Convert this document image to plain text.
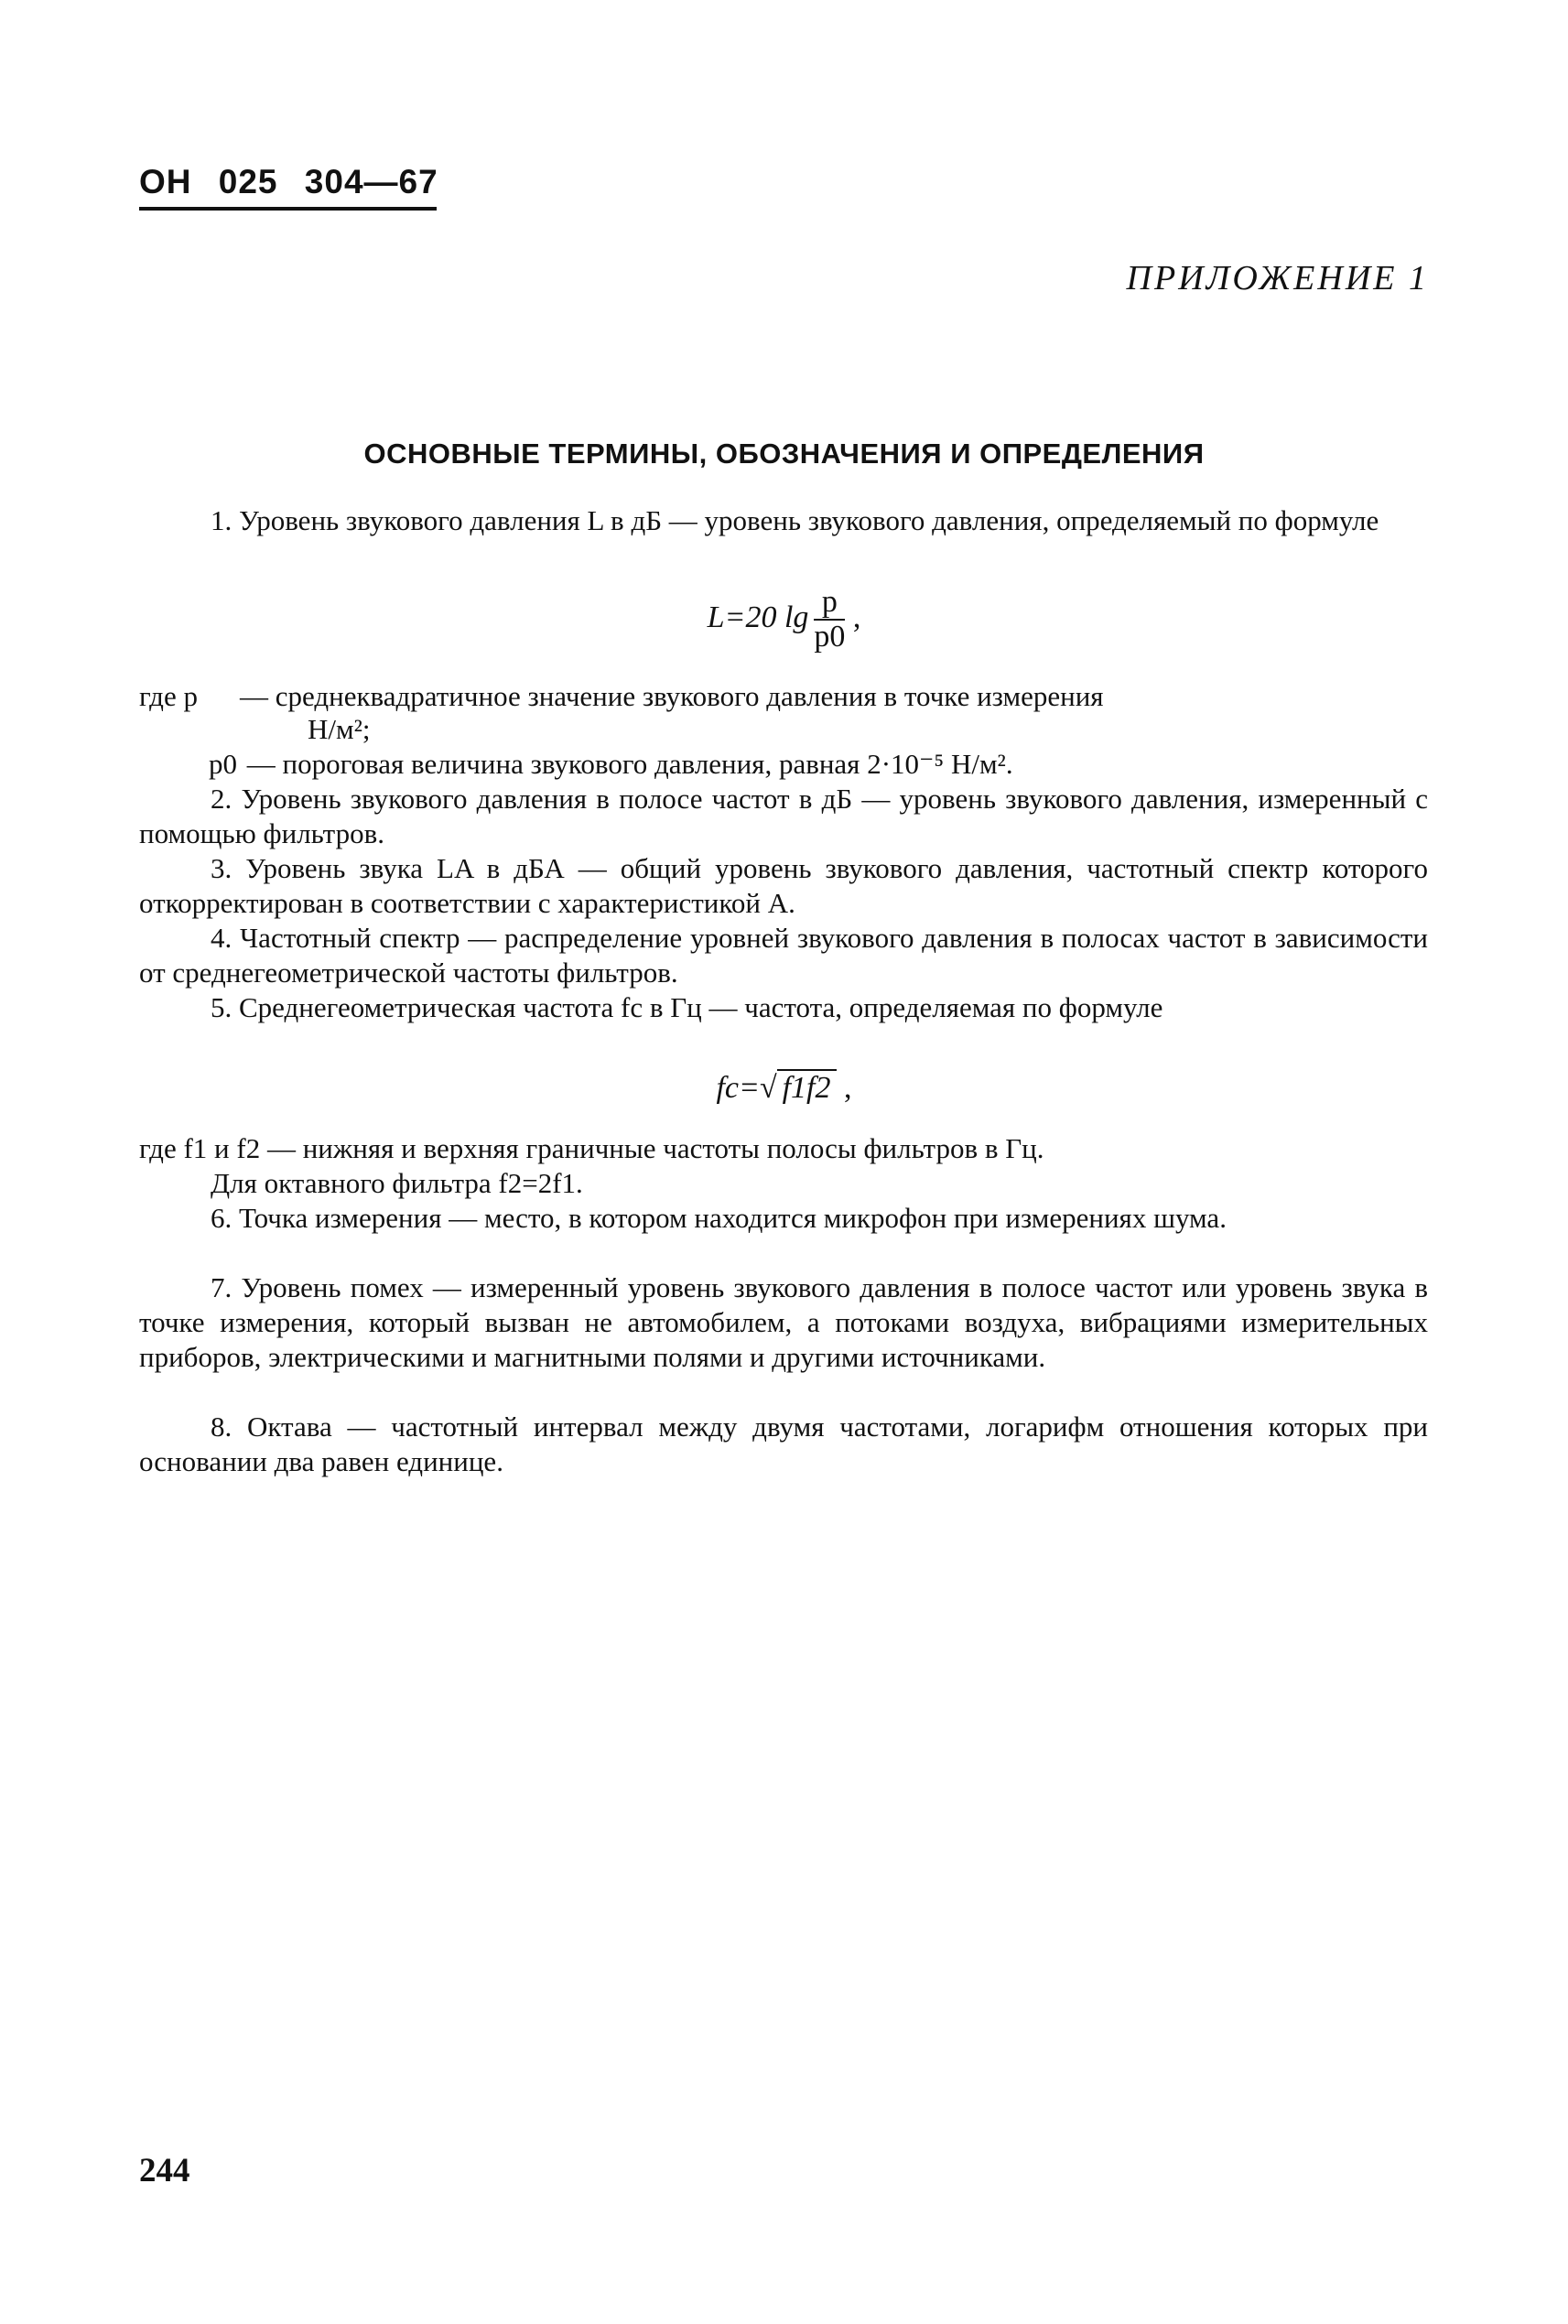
ОН 025 304—67
ПРИЛОЖЕНИЕ 1
ОСНОВНЫЕ ТЕРМИНЫ, ОБОЗНАЧЕНИЯ И ОПРЕДЕЛЕНИЯ
1. Уровень звукового давления L в дБ — уровень звукового давления, определяемый по формуле
L=20 $\lg \frac{p}{p0}$ ,
где p — среднеквадратичное значение звукового давления в точке измерения
Н/м²;
p0 — пороговая величина звукового давления, равная 2·10⁻⁵ Н/м².
2. Уровень звукового давления в полосе частот в дБ — уровень звукового давления, измеренный с помощью фильтров.
3. Уровень звука LA в дБА — общий уровень звукового давления, частотный спектр которого откорректирован в соответствии с характеристикой А.
4. Частотный спектр — распределение уровней звукового давления в полосах частот в зависимости от среднегеометрической частоты фильтров.
5. Среднегеометрическая частота fc в Гц — частота, определяемая по формуле
fc=√ f1f2 ,
где f1 и f2 — нижняя и верхняя граничные частоты полосы фильтров в Гц.
Для октавного фильтра f2=2f1.
6. Точка измерения — место, в котором находится микрофон при измерениях шума.
7. Уровень помех — измеренный уровень звукового давления в полосе частот или уровень звука в точке измерения, который вызван не автомобилем, а потоками воздуха, вибрациями измерительных приборов, электрическими и магнитными полями и другими источниками.
8. Октава — частотный интервал между двумя частотами, логарифм отношения которых при основании два равен единице.
244
